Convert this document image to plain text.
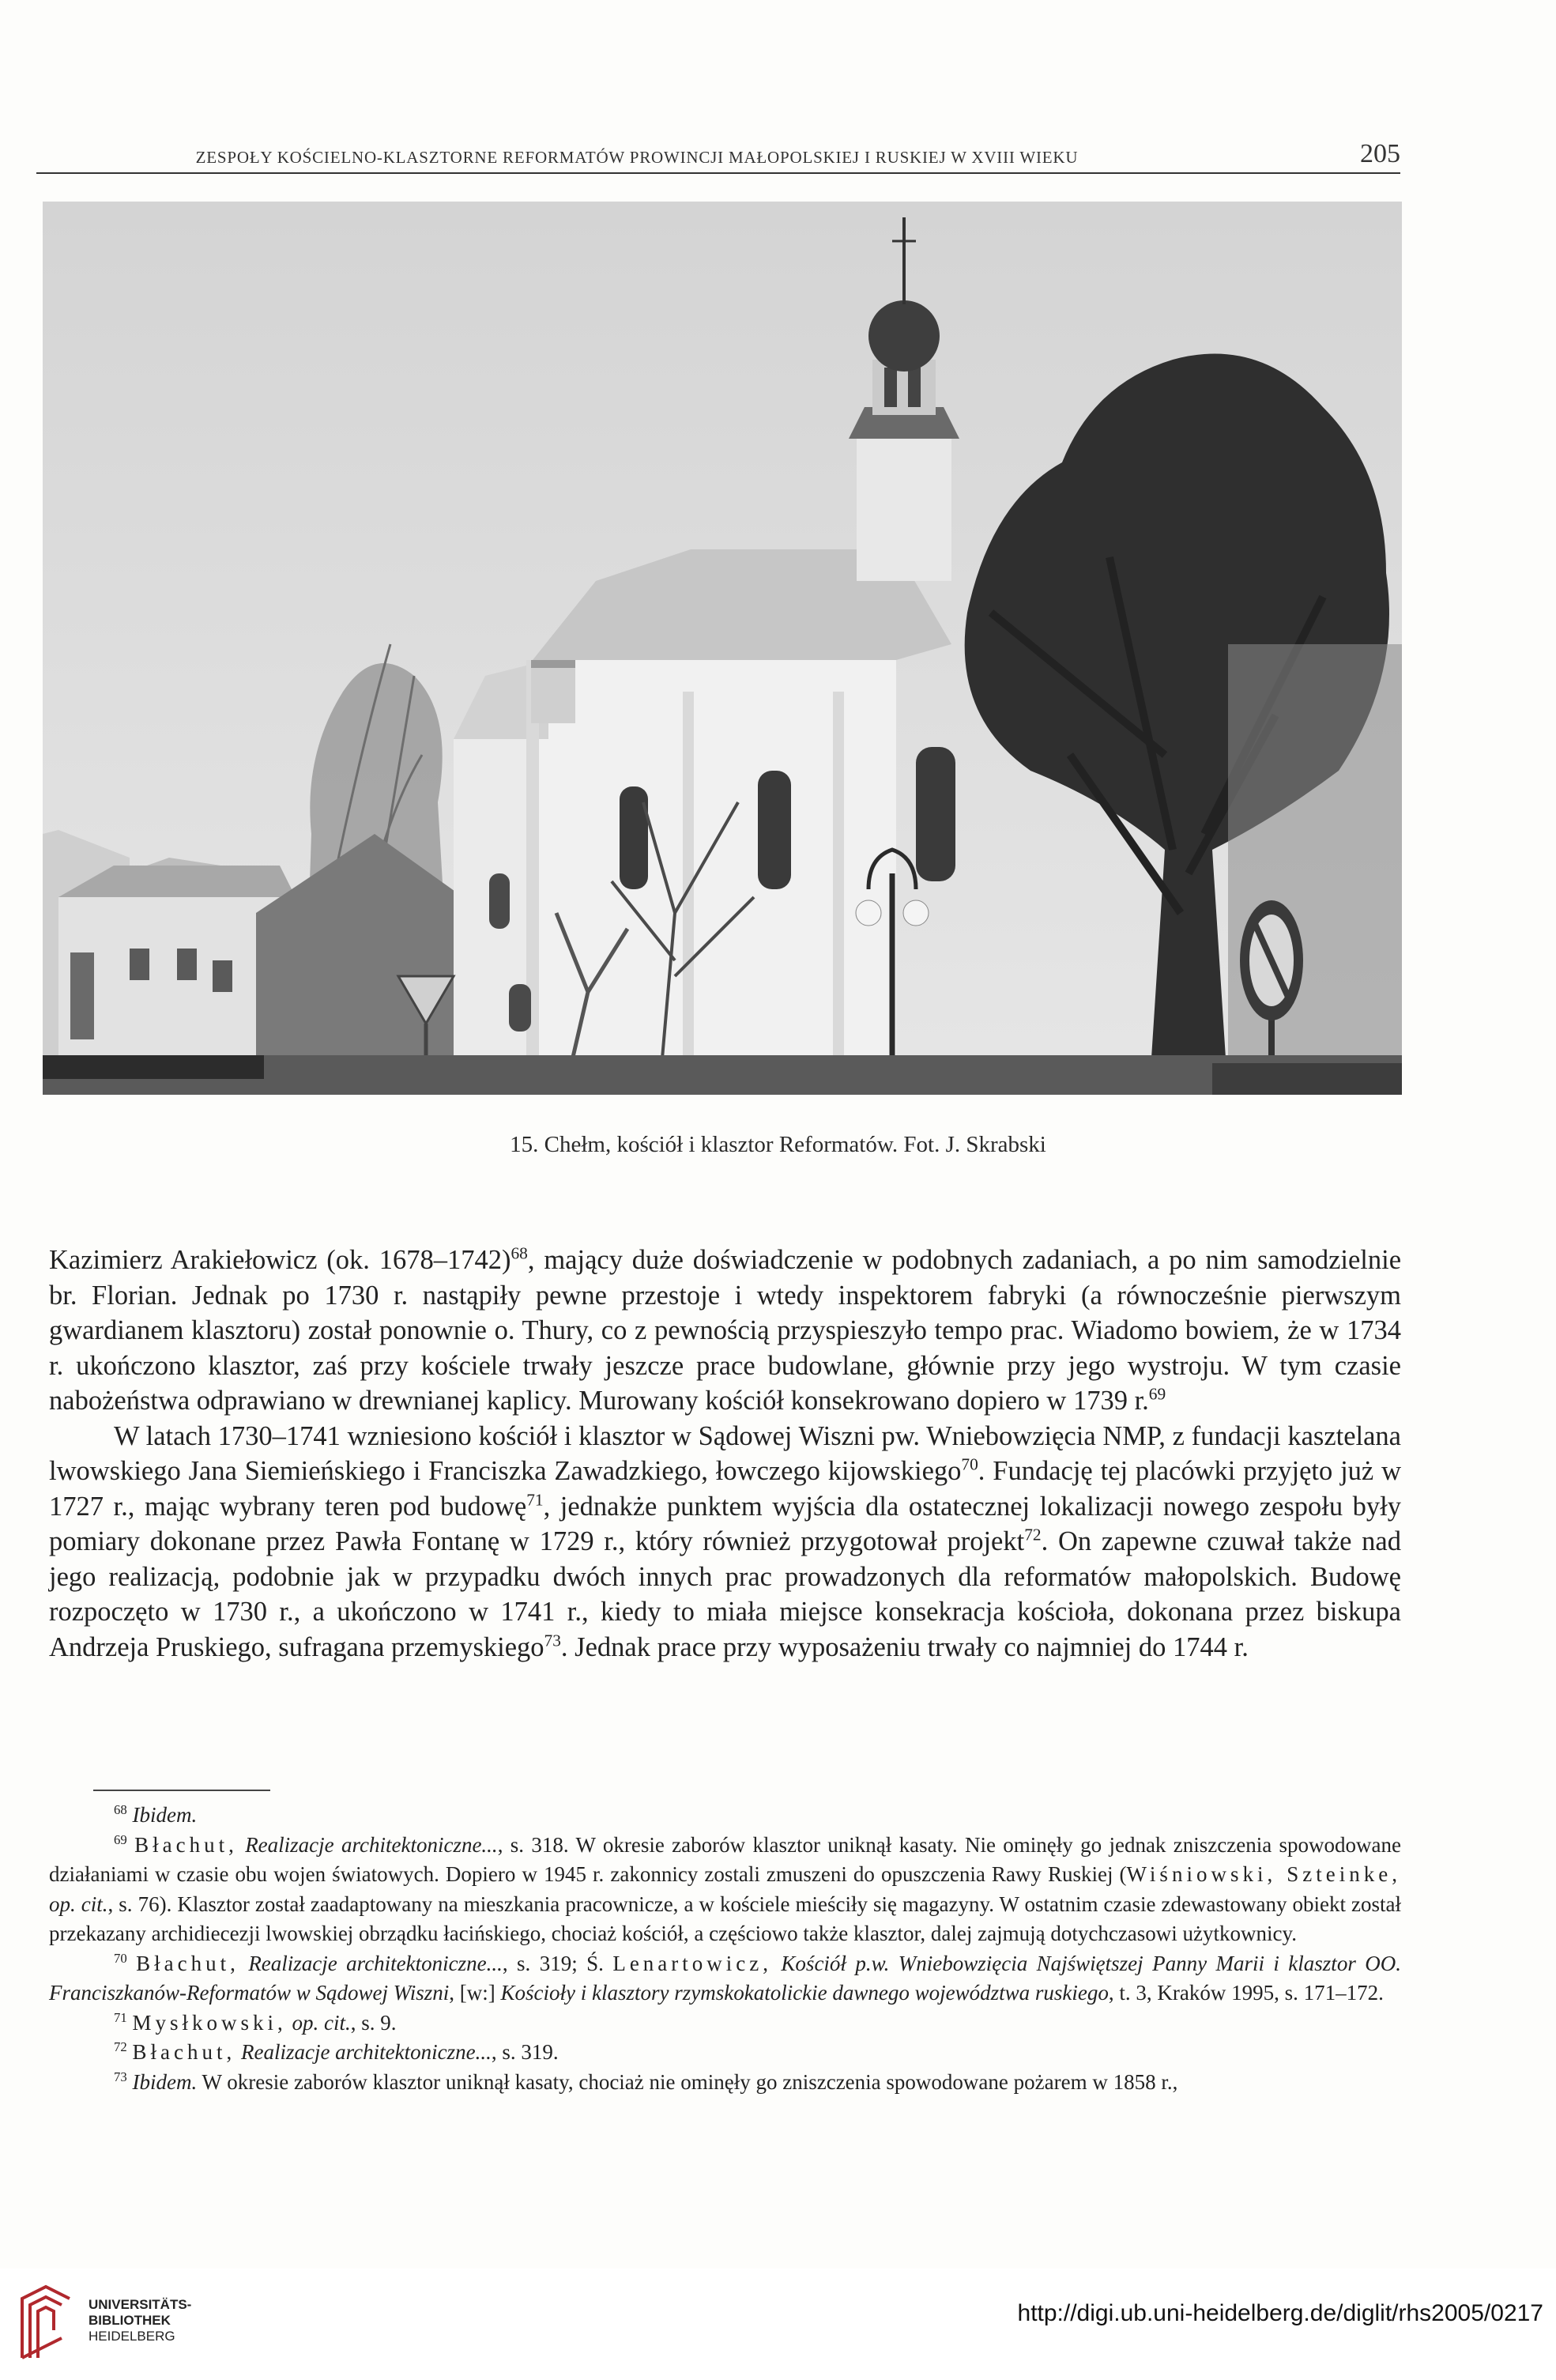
ZESPOŁY KOŚCIELNO-KLASZTORNE REFORMATÓW PROWINCJI MAŁOPOLSKIEJ I RUSKIEJ W XVIII WIEKU	205
15. Chełm, kościół i klasztor Reformatów. Fot. J. Skrabski

Kazimierz Arakiełowicz (ok. 1678–1742)$^{68}$, mający duże doświadczenie w podobnych zadaniach, a po nim samodzielnie br. Florian. Jednak po 1730 r. nastąpiły pewne przestoje i wtedy inspektorem fabryki (a równocześnie pierwszym gwardianem klasztoru) został ponownie o. Thury, co z pewnością przyspieszyło tempo prac. Wiadomo bowiem, że w 1734 r. ukończono klasztor, zaś przy kościele trwały jeszcze prace budowlane, głównie przy jego wystroju. W tym czasie nabożeństwa odprawiano w drewnianej kaplicy. Murowany kościół konsekrowano dopiero w 1739 r.$^{69}$

W latach 1730–1741 wzniesiono kościół i klasztor w Sądowej Wiszni pw. Wniebowzięcia NMP, z fundacji kasztelana lwowskiego Jana Siemieńskiego i Franciszka Zawadzkiego, łowczego kijowskiego$^{70}$. Fundację tej placówki przyjęto już w 1727 r., mając wybrany teren pod budowę$^{71}$, jednakże punktem wyjścia dla ostatecznej lokalizacji nowego zespołu były pomiary dokonane przez Pawła Fontanę w 1729 r., który również przygotował projekt$^{72}$. On zapewne czuwał także nad jego realizacją, podobnie jak w przypadku dwóch innych prac prowadzonych dla reformatów małopolskich. Budowę rozpoczęto w 1730 r., a ukończono w 1741 r., kiedy to miała miejsce konsekracja kościoła, dokonana przez biskupa Andrzeja Pruskiego, sufragana przemyskiego$^{73}$. Jednak prace przy wyposażeniu trwały co najmniej do 1744 r.

$^{68}$ Ibidem.

$^{69}$ Błachut, Realizacje architektoniczne..., s. 318. W okresie zaborów klasztor uniknął kasaty. Nie ominęły go jednak zniszczenia spowodowane działaniami w czasie obu wojen światowych. Dopiero w 1945 r. zakonnicy zostali zmuszeni do opuszczenia Rawy Ruskiej (Wiśniowski, Szteinke, op. cit., s. 76). Klasztor został zaadaptowany na mieszkania pracownicze, a w kościele mieściły się magazyny. W ostatnim czasie zdewastowany obiekt został przekazany archidiecezji lwowskiej obrządku łacińskiego, chociaż kościół, a częściowo także klasztor, dalej zajmują dotychczasowi użytkownicy.

$^{70}$ Błachut, Realizacje architektoniczne..., s. 319; Ś. Lenartowicz, Kościół p.w. Wniebowzięcia Najświętszej Panny Marii i klasztor OO. Franciszkanów-Reformatów w Sądowej Wiszni, [w:] Kościoły i klasztory rzymskokatolickie dawnego województwa ruskiego, t. 3, Kraków 1995, s. 171–172.

$^{71}$ Mysłkowski, op. cit., s. 9.

$^{72}$ Błachut, Realizacje architektoniczne..., s. 319.

$^{73}$ Ibidem. W okresie zaborów klasztor uniknął kasaty, chociaż nie ominęły go zniszczenia spowodowane pożarem w 1858 r.,

UNIVERSITÄTS-
BIBLIOTHEK
HEIDELBERG
http://digi.ub.uni-heidelberg.de/diglit/rhs2005/0217
